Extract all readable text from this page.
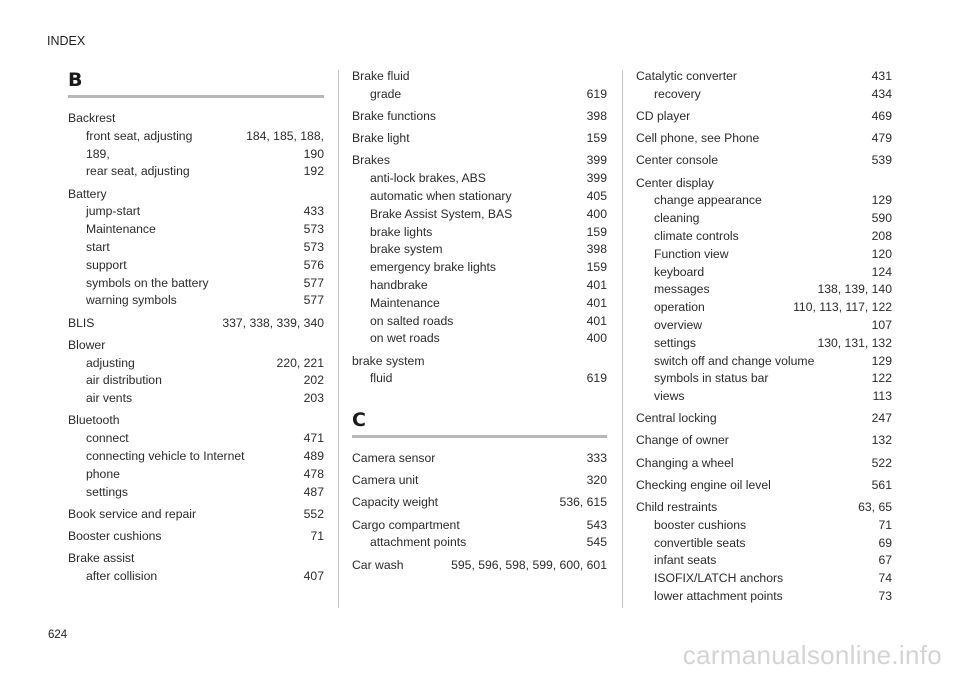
INDEX
B
Backrest
front seat, adjusting	184, 185, 188,
189,	190
rear seat, adjusting	192
Battery
jump-start	433
Maintenance	573
start	573
support	576
symbols on the battery	577
warning symbols	577
BLIS	337, 338, 339, 340
Blower
adjusting	220, 221
air distribution	202
air vents	203
Bluetooth
connect	471
connecting vehicle to Internet	489
phone	478
settings	487
Book service and repair	552
Booster cushions	71
Brake assist
after collision	407
Brake fluid
grade	619
Brake functions	398
Brake light	159
Brakes	399
anti-lock brakes, ABS	399
automatic when stationary	405
Brake Assist System, BAS	400
brake lights	159
brake system	398
emergency brake lights	159
handbrake	401
Maintenance	401
on salted roads	401
on wet roads	400
brake system
fluid	619
C
Camera sensor	333
Camera unit	320
Capacity weight	536, 615
Cargo compartment	543
attachment points	545
Car wash	595, 596, 598, 599, 600, 601
Catalytic converter	431
recovery	434
CD player	469
Cell phone, see Phone	479
Center console	539
Center display
change appearance	129
cleaning	590
climate controls	208
Function view	120
keyboard	124
messages	138, 139, 140
operation	110, 113, 117, 122
overview	107
settings	130, 131, 132
switch off and change volume	129
symbols in status bar	122
views	113
Central locking	247
Change of owner	132
Changing a wheel	522
Checking engine oil level	561
Child restraints	63, 65
booster cushions	71
convertible seats	69
infant seats	67
ISOFIX/LATCH anchors	74
lower attachment points	73
624
carmanualsonline.info
